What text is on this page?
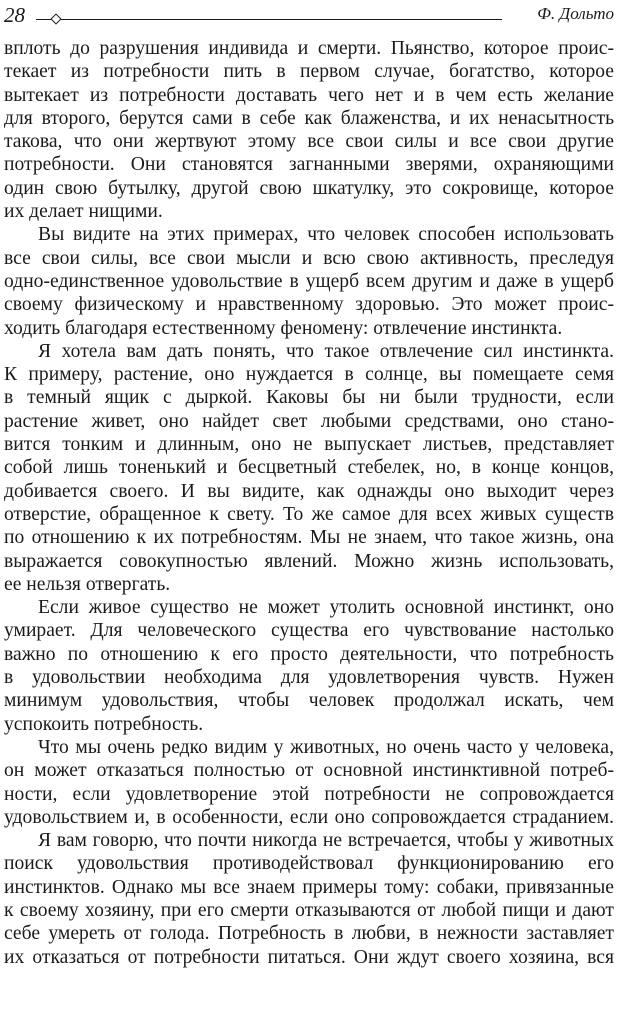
28	Ф. Дольто
вплоть до разрушения индивида и смерти. Пьянство, которое проис-
текает из потребности пить в первом случае, богатство, которое
вытекает из потребности доставать чего нет и в чем есть желание
для второго, берутся сами в себе как блаженства, и их ненасытность
такова, что они жертвуют этому все свои силы и все свои другие
потребности. Они становятся загнанными зверями, охраняющими
один свою бутылку, другой свою шкатулку, это сокровище, которое
их делает нищими.
Вы видите на этих примерах, что человек способен использовать
все свои силы, все свои мысли и всю свою активность, преследуя
одно-единственное удовольствие в ущерб всем другим и даже в ущерб
своему физическому и нравственному здоровью. Это может проис-
ходить благодаря естественному феномену: отвлечение инстинкта.
Я хотела вам дать понять, что такое отвлечение сил инстинкта.
К примеру, растение, оно нуждается в солнце, вы помещаете семя
в темный ящик с дыркой. Каковы бы ни были трудности, если
растение живет, оно найдет свет любыми средствами, оно стано-
вится тонким и длинным, оно не выпускает листьев, представляет
собой лишь тоненький и бесцветный стебелек, но, в конце концов,
добивается своего. И вы видите, как однажды оно выходит через
отверстие, обращенное к свету. То же самое для всех живых существ
по отношению к их потребностям. Мы не знаем, что такое жизнь, она
выражается совокупностью явлений. Можно жизнь использовать,
ее нельзя отвергать.
Если живое существо не может утолить основной инстинкт, оно
умирает. Для человеческого существа его чувствование настолько
важно по отношению к его просто деятельности, что потребность
в удовольствии необходима для удовлетворения чувств. Нужен
минимум удовольствия, чтобы человек продолжал искать, чем
успокоить потребность.
Что мы очень редко видим у животных, но очень часто у человека,
он может отказаться полностью от основной инстинктивной потреб-
ности, если удовлетворение этой потребности не сопровождается
удовольствием и, в особенности, если оно сопровождается страданием.
Я вам говорю, что почти никогда не встречается, чтобы у животных
поиск удовольствия противодействовал функционированию его
инстинктов. Однако мы все знаем примеры тому: собаки, привязанные
к своему хозяину, при его смерти отказываются от любой пищи и дают
себе умереть от голода. Потребность в любви, в нежности заставляет
их отказаться от потребности питаться. Они ждут своего хозяина, вся
